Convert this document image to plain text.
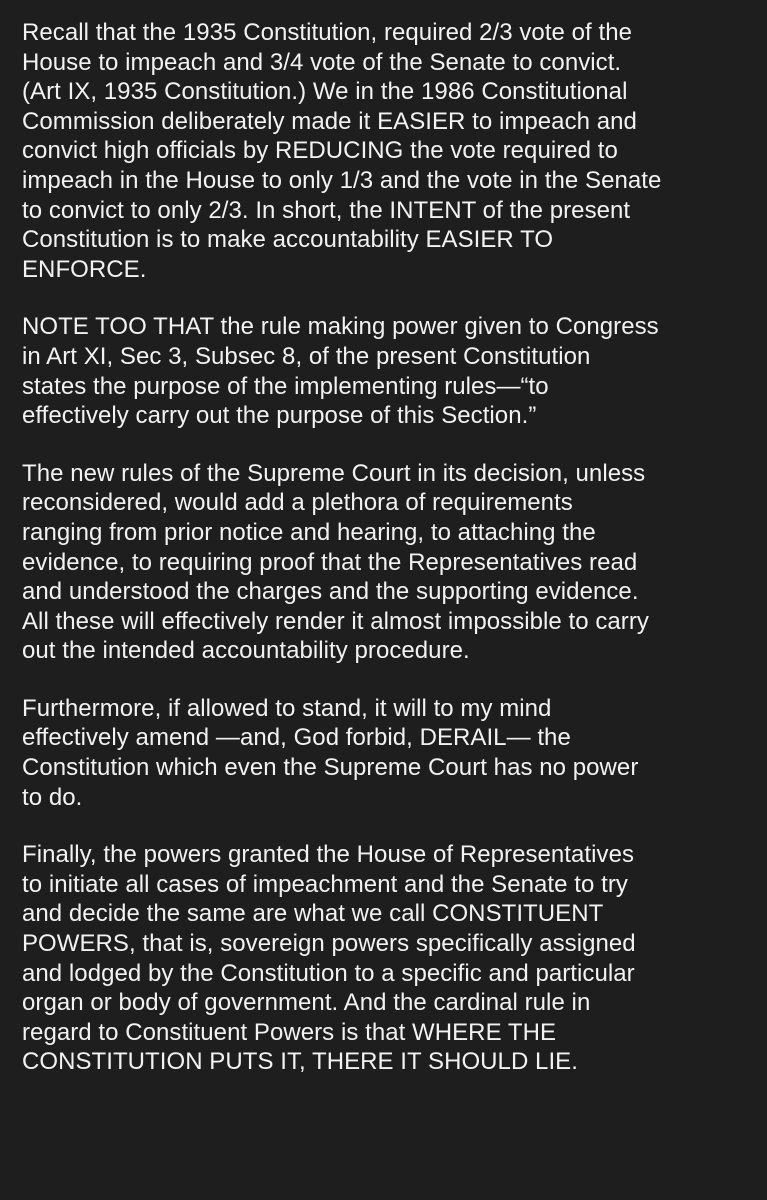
Recall that the 1935 Constitution, required 2/3 vote of the
House to impeach and 3/4 vote of the Senate to convict.
(Art IX, 1935 Constitution.) We in the 1986 Constitutional
Commission deliberately made it EASIER to impeach and
convict high officials by REDUCING the vote required to
impeach in the House to only 1/3 and the vote in the Senate
to convict to only 2/3. In short, the INTENT of the present
Constitution is to make accountability EASIER TO
ENFORCE.

NOTE TOO THAT the rule making power given to Congress
in Art XI, Sec 3, Subsec 8, of the present Constitution
states the purpose of the implementing rules—“to
effectively carry out the purpose of this Section.”

The new rules of the Supreme Court in its decision, unless
reconsidered, would add a plethora of requirements
ranging from prior notice and hearing, to attaching the
evidence, to requiring proof that the Representatives read
and understood the charges and the supporting evidence.
All these will effectively render it almost impossible to carry
out the intended accountability procedure.

Furthermore, if allowed to stand, it will to my mind
effectively amend —and, God forbid, DERAIL— the
Constitution which even the Supreme Court has no power
to do.

Finally, the powers granted the House of Representatives
to initiate all cases of impeachment and the Senate to try
and decide the same are what we call CONSTITUENT
POWERS, that is, sovereign powers specifically assigned
and lodged by the Constitution to a specific and particular
organ or body of government. And the cardinal rule in
regard to Constituent Powers is that WHERE THE
CONSTITUTION PUTS IT, THERE IT SHOULD LIE.
